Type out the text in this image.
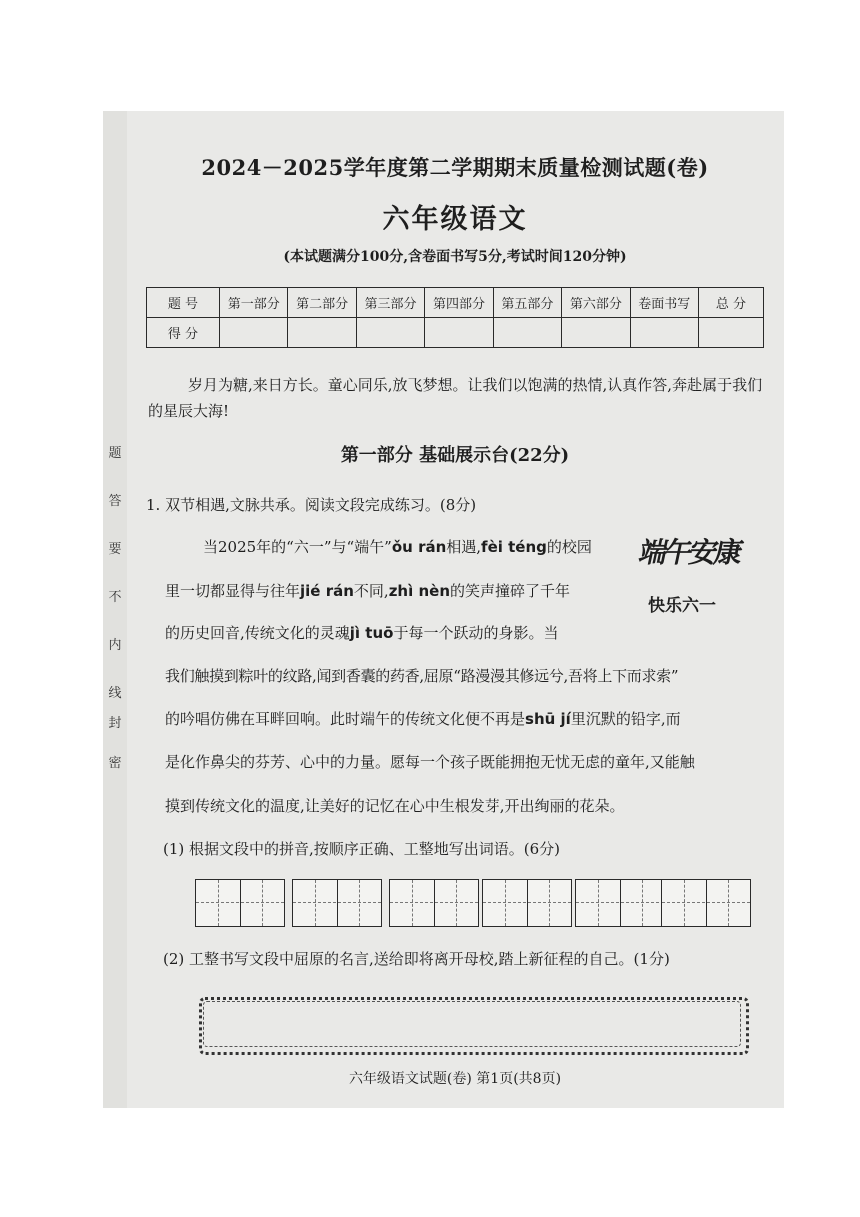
题
答
要
不
内
线
封
密
2024－2025学年度第二学期期末质量检测试题(卷)
六年级语文
(本试题满分100分,含卷面书写5分,考试时间120分钟)
题 号	第一部分	第二部分	第三部分	第四部分	第五部分	第六部分	卷面书写	总 分
得 分								
岁月为糖,来日方长。童心同乐,放飞梦想。让我们以饱满的热情,认真作答,奔赴属于我们的星辰大海!
第一部分 基础展示台(22分)
1. 双节相遇,文脉共承。阅读文段完成练习。(8分)
当2025年的“六一”与“端午”ǒu rán相遇,fèi téng的校园
里一切都显得与往年jié rán不同,zhì nèn的笑声撞碎了千年
的历史回音,传统文化的灵魂jì tuō于每一个跃动的身影。当
我们触摸到粽叶的纹路,闻到香囊的药香,屈原“路漫漫其修远兮,吾将上下而求索”
的吟唱仿佛在耳畔回响。此时端午的传统文化便不再是shū jí里沉默的铅字,而
是化作鼻尖的芬芳、心中的力量。愿每一个孩子既能拥抱无忧无虑的童年,又能触
摸到传统文化的温度,让美好的记忆在心中生根发芽,开出绚丽的花朵。
端午安康
快乐六一
(1) 根据文段中的拼音,按顺序正确、工整地写出词语。(6分)
(2) 工整书写文段中屈原的名言,送给即将离开母校,踏上新征程的自己。(1分)
六年级语文试题(卷) 第1页(共8页)
